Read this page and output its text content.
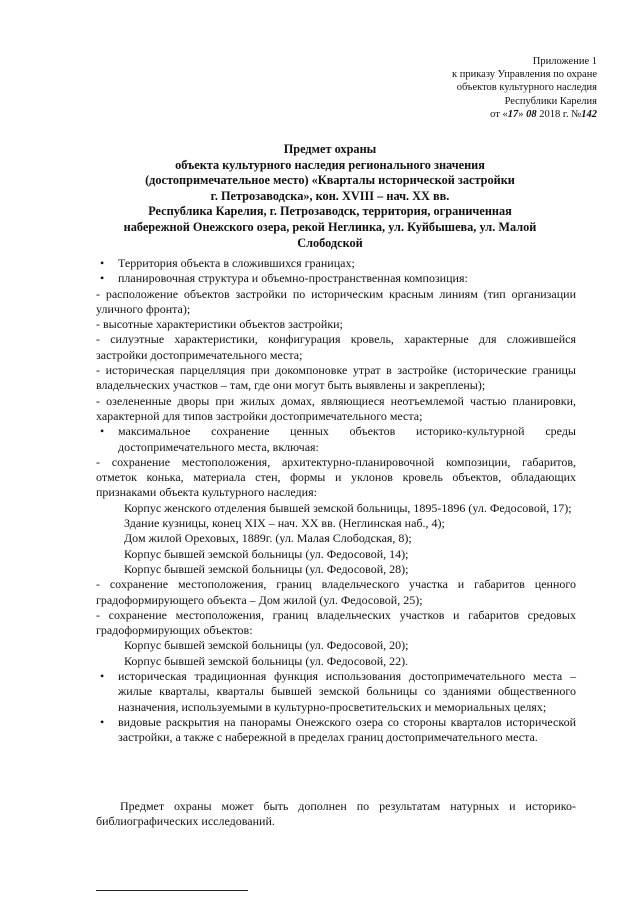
Приложение 1
к приказу Управления по охране
объектов культурного наследия
Республики Карелия
от «17» 08 2018 г. №142
Предмет охраны
объекта культурного наследия регионального значения
(достопримечательное место) «Кварталы исторической застройки
г. Петрозаводска», кон. XVIII – нач. XX вв.
Республика Карелия, г. Петрозаводск, территория, ограниченная
набережной Онежского озера, рекой Неглинка, ул. Куйбышева, ул. Малой
Слободской
• Территория объекта в сложившихся границах;
• планировочная структура и объемно-пространственная композиция:
- расположение объектов застройки по историческим красным линиям (тип организации уличного фронта);
- высотные характеристики объектов застройки;
- силуэтные характеристики, конфигурация кровель, характерные для сложившейся застройки достопримечательного места;
- историческая парцелляция при докомпоновке утрат в застройке (исторические границы владельческих участков – там, где они могут быть выявлены и закреплены);
- озелененные дворы при жилых домах, являющиеся неотъемлемой частью планировки, характерной для типов застройки достопримечательного места;
• максимальное сохранение ценных объектов историко-культурной среды достопримечательного места, включая:
- сохранение местоположения, архитектурно-планировочной композиции, габаритов, отметок конька, материала стен, формы и уклонов кровель объектов, обладающих признаками объекта культурного наследия:
Корпус женского отделения бывшей земской больницы, 1895-1896 (ул. Федосовой, 17);
Здание кузницы, конец XIX – нач. XX вв. (Неглинская наб., 4);
Дом жилой Ореховых, 1889г. (ул. Малая Слободская, 8);
Корпус бывшей земской больницы (ул. Федосовой, 14);
Корпус бывшей земской больницы (ул. Федосовой, 28);
- сохранение местоположения, границ владельческого участка и габаритов ценного градоформирующего объекта – Дом жилой (ул. Федосовой, 25);
- сохранение местоположения, границ владельческих участков и габаритов средовых градоформирующих объектов:
Корпус бывшей земской больницы (ул. Федосовой, 20);
Корпус бывшей земской больницы (ул. Федосовой, 22).
• историческая традиционная функция использования достопримечательного места – жилые кварталы, кварталы бывшей земской больницы со зданиями общественного назначения, используемыми в культурно-просветительских и мемориальных целях;
• видовые раскрытия на панорамы Онежского озера со стороны кварталов исторической застройки, а также с набережной в пределах границ достопримечательного места.
Предмет охраны может быть дополнен по результатам натурных и историко-библиографических исследований.
